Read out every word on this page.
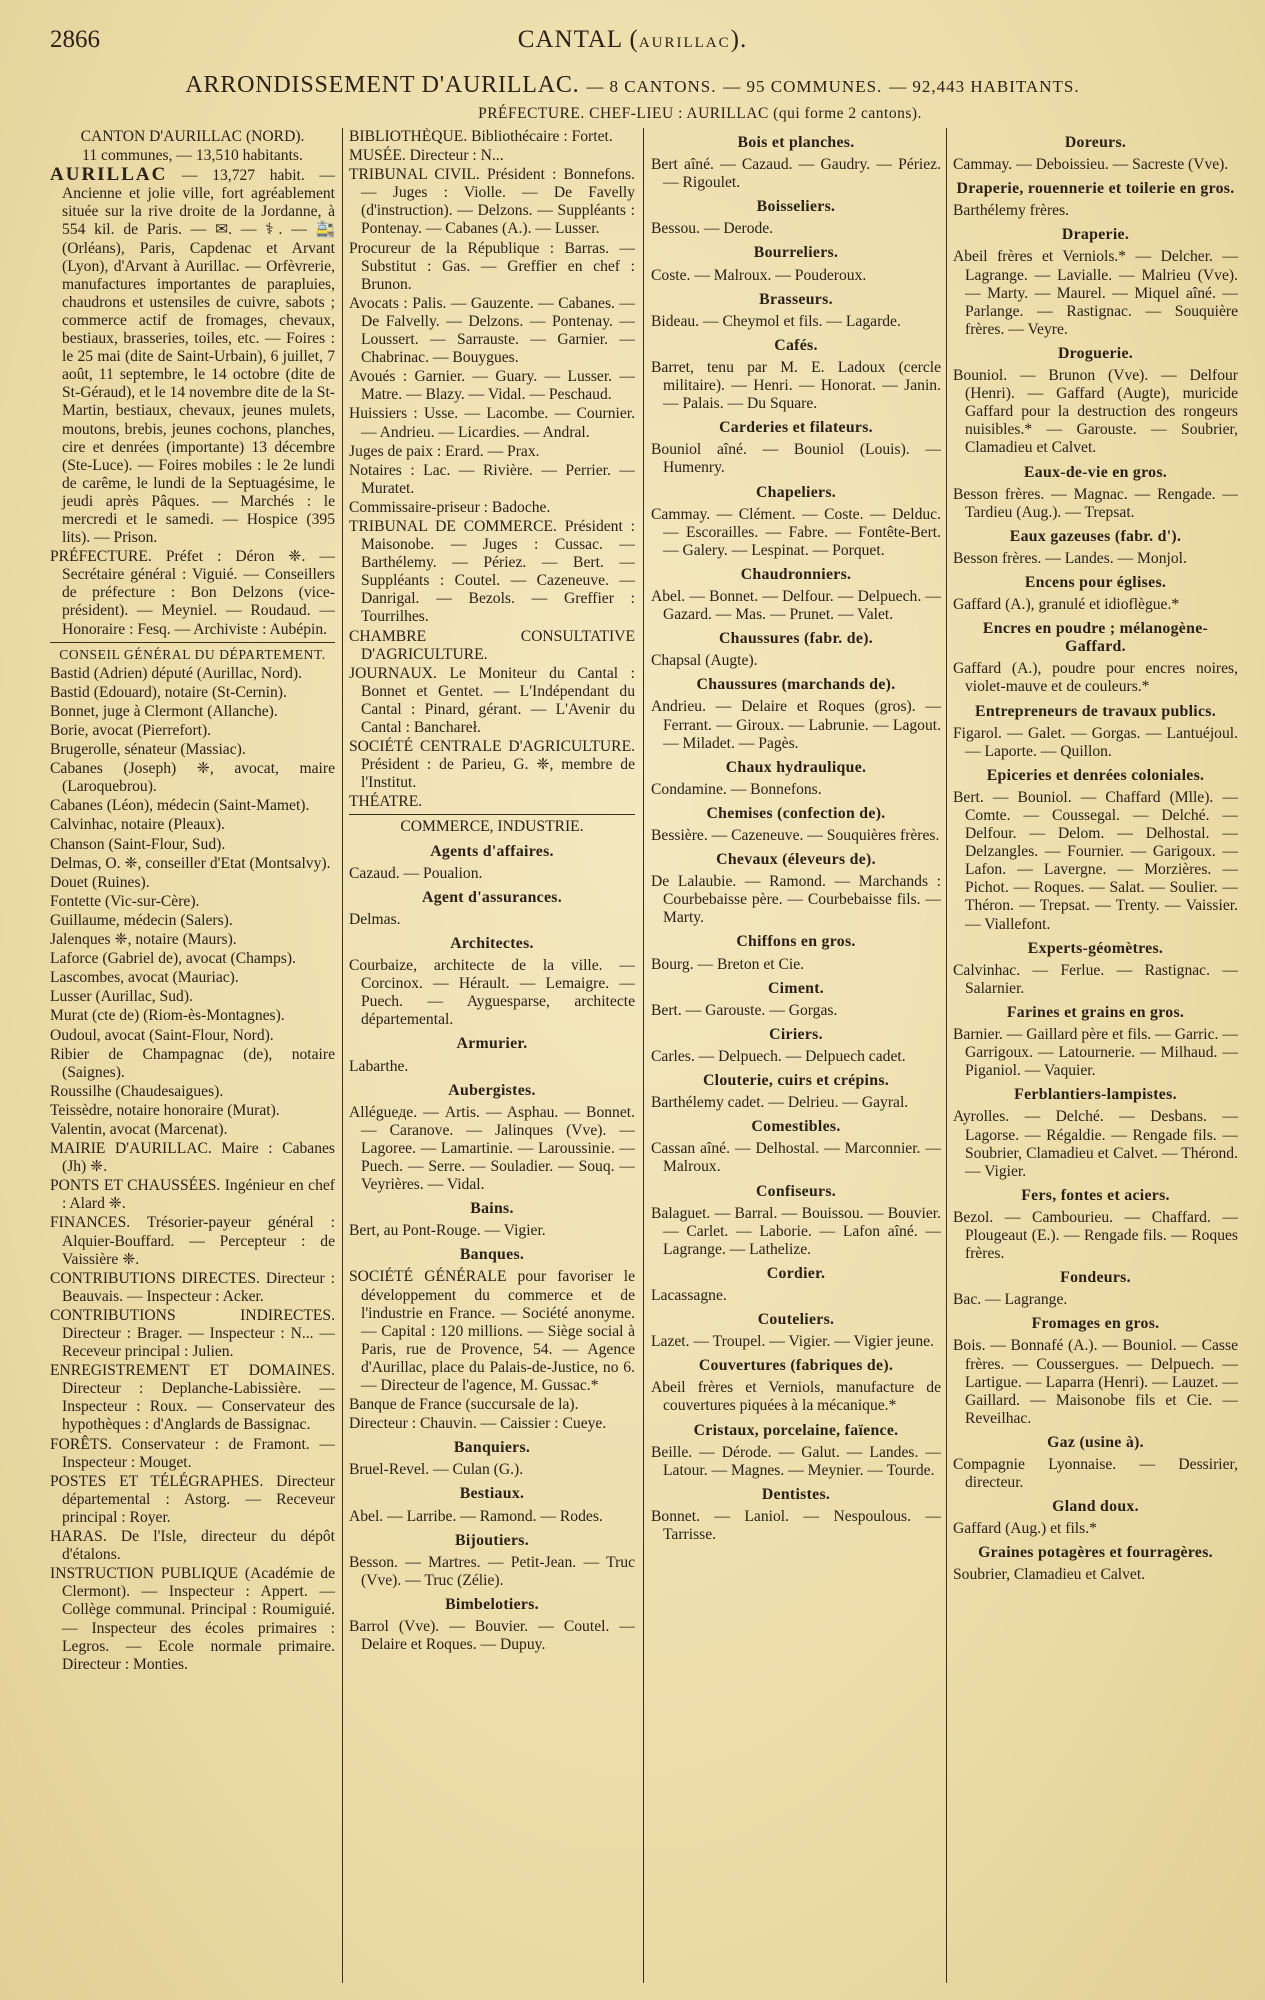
2866	CANTAL (AURILLAC).
ARRONDISSEMENT D'AURILLAC. — 8 CANTONS. — 95 COMMUNES. — 92,443 HABITANTS.
PRÉFECTURE. CHEF-LIEU : AURILLAC (qui forme 2 cantons).
CANTON D'AURILLAC (NORD).
11 communes, — 13,510 habitants.
AURILLAC — 13,727 habit. — Ancienne et jolie ville, fort agréablement située sur la rive droite de la Jordanne, à 554 kil. de Paris. — ✉. — ⚕. — 🚉 (Orléans), Paris, Capdenac et Arvant (Lyon), d'Arvant à Aurillac. — Orfèvrerie, manufactures importantes de parapluies, chaudrons et ustensiles de cuivre, sabots ; commerce actif de fromages, chevaux, bestiaux, brasseries, toiles, etc. — Foires : le 25 mai (dite de Saint-Urbain), 6 juillet, 7 août, 11 septembre, le 14 octobre (dite de St-Géraud), et le 14 novembre dite de la St-Martin, bestiaux, chevaux, jeunes mulets, moutons, brebis, jeunes cochons, planches, cire et denrées (importante) 13 décembre (Ste-Luce). — Foires mobiles : le 2e lundi de carême, le lundi de la Septuagésime, le jeudi après Pâques. — Marchés : le mercredi et le samedi. — Hospice (395 lits). — Prison.
PRÉFECTURE. Préfet : Déron ❈. — Secrétaire général : Viguié. — Conseillers de préfecture : Bon Delzons (vice-président). — Meyniel. — Roudaud. — Honoraire : Fesq. — Archiviste : Aubépin.
CONSEIL GÉNÉRAL DU DÉPARTEMENT.
Bastid (Adrien) député (Aurillac, Nord).
Bastid (Edouard), notaire (St-Cernin).
Bonnet, juge à Clermont (Allanche).
Borie, avocat (Pierrefort).
Brugerolle, sénateur (Massiac).
Cabanes (Joseph) ❈, avocat, maire (Laroquebrou).
Cabanes (Léon), médecin (Saint-Mamet).
Calvinhac, notaire (Pleaux).
Chanson (Saint-Flour, Sud).
Delmas, O. ❈, conseiller d'Etat (Montsalvy).
Douet (Ruines).
Fontette (Vic-sur-Cère).
Guillaume, médecin (Salers).
Jalenques ❈, notaire (Maurs).
Laforce (Gabriel de), avocat (Champs).
Lascombes, avocat (Mauriac).
Lusser (Aurillac, Sud).
Murat (cte de) (Riom-ès-Montagnes).
Oudoul, avocat (Saint-Flour, Nord).
Ribier de Champagnac (de), notaire (Saignes).
Roussilhe (Chaudesaigues).
Teissèdre, notaire honoraire (Murat).
Valentin, avocat (Marcenat).
MAIRIE D'AURILLAC. Maire : Cabanes (Jh) ❈.
PONTS ET CHAUSSÉES. Ingénieur en chef : Alard ❈.
FINANCES. Trésorier-payeur général : Alquier-Bouffard. — Percepteur : de Vaissière ❈.
CONTRIBUTIONS DIRECTES. Directeur : Beauvais. — Inspecteur : Acker.
CONTRIBUTIONS INDIRECTES. Directeur : Brager. — Inspecteur : N... — Receveur principal : Julien.
ENREGISTREMENT ET DOMAINES. Directeur : Deplanche-Labissière. — Inspecteur : Roux. — Conservateur des hypothèques : d'Anglards de Bassignac.
FORÊTS. Conservateur : de Framont. — Inspecteur : Mouget.
POSTES ET TÉLÉGRAPHES. Directeur départemental : Astorg. — Receveur principal : Royer.
HARAS. De l'Isle, directeur du dépôt d'étalons.
INSTRUCTION PUBLIQUE (Académie de Clermont). — Inspecteur : Appert. — Collège communal. Principal : Roumiguié. — Inspecteur des écoles primaires : Legros. — Ecole normale primaire. Directeur : Monties.
BIBLIOTHÈQUE. Bibliothécaire : Fortet.
MUSÉE. Directeur : N...
TRIBUNAL CIVIL. Président : Bonnefons. — Juges : Violle. — De Favelly (d'instruction). — Delzons. — Suppléants : Pontenay. — Cabanes (A.). — Lusser.
Procureur de la République : Barras. — Substitut : Gas. — Greffier en chef : Brunon.
Avocats : Palis. — Gauzente. — Cabanes. — De Falvelly. — Delzons. — Pontenay. — Loussert. — Sarrauste. — Garnier. — Chabrinac. — Bouygues.
Avoués : Garnier. — Guary. — Lusser. — Matre. — Blazy. — Vidal. — Peschaud.
Huissiers : Usse. — Lacombe. — Cournier. — Andrieu. — Licardies. — Andral.
Juges de paix : Erard. — Prax.
Notaires : Lac. — Rivière. — Perrier. — Muratet.
Commissaire-priseur : Badoche.
TRIBUNAL DE COMMERCE. Président : Maisonobe. — Juges : Cussac. — Barthélemy. — Périez. — Bert. — Suppléants : Coutel. — Cazeneuve. — Danrigal. — Bezols. — Greffier : Tourrilhes.
CHAMBRE CONSULTATIVE D'AGRICULTURE.
JOURNAUX. Le Moniteur du Cantal : Bonnet et Gentet. — L'Indépendant du Cantal : Pinard, gérant. — L'Avenir du Cantal : Banchareł.
SOCIÉTÉ CENTRALE D'AGRICULTURE. Président : de Parieu, G. ❈, membre de l'Institut.
THÉATRE.
COMMERCE, INDUSTRIE.
Agents d'affaires.
Cazaud. — Poualion.
Agent d'assurances.
Delmas.
Architectes.
Courbaize, architecte de la ville. — Corcinox. — Hérault. — Lemaigre. — Puech. — Ayguesparse, architecte départemental.
Armurier.
Labarthe.
Aubergistes.
Allégueде. — Artis. — Asphau. — Bonnet. — Caranove. — Jalinques (Vve). — Lagoree. — Lamartinie. — Laroussinie. — Puech. — Serre. — Souladier. — Souq. — Veyrières. — Vidal.
Bains.
Bert, au Pont-Rouge. — Vigier.
Banques.
SOCIÉTÉ GÉNÉRALE pour favoriser le développement du commerce et de l'industrie en France. — Société anonyme. — Capital : 120 millions. — Siège social à Paris, rue de Provence, 54. — Agence d'Aurillac, place du Palais-de-Justice, no 6. — Directeur de l'agence, M. Gussac.*
Banque de France (succursale de la).
Directeur : Chauvin. — Caissier : Cueye.
Banquiers.
Bruel-Revel. — Culan (G.).
Bestiaux.
Abel. — Larribe. — Ramond. — Rodes.
Bijoutiers.
Besson. — Martres. — Petit-Jean. — Truc (Vve). — Truc (Zélie).
Bimbelotiers.
Barrol (Vve). — Bouvier. — Coutel. — Delaire et Roques. — Dupuy.
Bois et planches.
Bert aîné. — Cazaud. — Gaudry. — Périez. — Rigoulet.
Boisseliers.
Bessou. — Derode.
Bourreliers.
Coste. — Malroux. — Pouderoux.
Brasseurs.
Bideau. — Cheymol et fils. — Lagarde.
Cafés.
Barret, tenu par M. E. Ladoux (cercle militaire). — Henri. — Honorat. — Janin. — Palais. — Du Square.
Carderies et filateurs.
Bouniol aîné. — Bouniol (Louis). — Humenry.
Chapeliers.
Cammay. — Clément. — Coste. — Delduc. — Escorailles. — Fabre. — Fontête-Bert. — Galery. — Lespinat. — Porquet.
Chaudronniers.
Abel. — Bonnet. — Delfour. — Delpuech. — Gazard. — Mas. — Prunet. — Valet.
Chaussures (fabr. de).
Chapsal (Augte).
Chaussures (marchands de).
Andrieu. — Delaire et Roques (gros). — Ferrant. — Giroux. — Labrunie. — Lagout. — Miladet. — Pagès.
Chaux hydraulique.
Condamine. — Bonnefons.
Chemises (confection de).
Bessière. — Cazeneuve. — Souquières frères.
Chevaux (éleveurs de).
De Lalaubie. — Ramond. — Marchands : Courbebaisse père. — Courbebaisse fils. — Marty.
Chiffons en gros.
Bourg. — Breton et Cie.
Ciment.
Bert. — Garouste. — Gorgas.
Ciriers.
Carles. — Delpuech. — Delpuech cadet.
Clouterie, cuirs et crépins.
Barthélemy cadet. — Delrieu. — Gayral.
Comestibles.
Cassan aîné. — Delhostal. — Marconnier. — Malroux.
Confiseurs.
Balaguet. — Barral. — Bouissou. — Bouvier. — Carlet. — Laborie. — Lafon aîné. — Lagrange. — Lathelize.
Cordier.
Lacassagne.
Couteliers.
Lazet. — Troupel. — Vigier. — Vigier jeune.
Couvertures (fabriques de).
Abeil frères et Verniols, manufacture de couvertures piquées à la mécanique.*
Cristaux, porcelaine, faïence.
Beille. — Dérode. — Galut. — Landes. — Latour. — Magnes. — Meynier. — Tourde.
Dentistes.
Bonnet. — Laniol. — Nespoulous. — Tarrisse.
Doreurs.
Cammay. — Deboissieu. — Sacreste (Vve).
Draperie, rouennerie et toilerie en gros.
Barthélemy frères.
Draperie.
Abeil frères et Verniols.* — Delcher. — Lagrange. — Lavialle. — Malrieu (Vve). — Marty. — Maurel. — Miquel aîné. — Parlange. — Rastignac. — Souquière frères. — Veyre.
Droguerie.
Bouniol. — Brunon (Vve). — Delfour (Henri). — Gaffard (Augte), muricide Gaffard pour la destruction des rongeurs nuisibles.* — Garouste. — Soubrier, Clamadieu et Calvet.
Eaux-de-vie en gros.
Besson frères. — Magnac. — Rengade. — Tardieu (Aug.). — Trepsat.
Eaux gazeuses (fabr. d').
Besson frères. — Landes. — Monjol.
Encens pour églises.
Gaffard (A.), granulé et idioflègue.*
Encres en poudre ; mélanogène-Gaffard.
Gaffard (A.), poudre pour encres noires, violet-mauve et de couleurs.*
Entrepreneurs de travaux publics.
Figarol. — Galet. — Gorgas. — Lantuéjoul. — Laporte. — Quillon.
Epiceries et denrées coloniales.
Bert. — Bouniol. — Chaffard (Mlle). — Comte. — Coussegal. — Delché. — Delfour. — Delom. — Delhostal. — Delzangles. — Fournier. — Garigoux. — Lafon. — Lavergne. — Morzières. — Pichot. — Roques. — Salat. — Soulier. — Théron. — Trepsat. — Trenty. — Vaissier. — Viallefont.
Experts-géomètres.
Calvinhac. — Ferlue. — Rastignac. — Salarnier.
Farines et grains en gros.
Barnier. — Gaillard père et fils. — Garric. — Garrigoux. — Latournerie. — Milhaud. — Piganiol. — Vaquier.
Ferblantiers-lampistes.
Ayrolles. — Delché. — Desbans. — Lagorse. — Régaldie. — Rengade fils. — Soubrier, Clamadieu et Calvet. — Thérond. — Vigier.
Fers, fontes et aciers.
Bezol. — Cambourieu. — Chaffard. — Plougeaut (E.). — Rengade fils. — Roques frères.
Fondeurs.
Bac. — Lagrange.
Fromages en gros.
Bois. — Bonnafé (A.). — Bouniol. — Casse frères. — Coussergues. — Delpuech. — Lartigue. — Laparra (Henri). — Lauzet. — Gaillard. — Maisonobe fils et Cie. — Reveilhac.
Gaz (usine à).
Compagnie Lyonnaise. — Dessirier, directeur.
Gland doux.
Gaffard (Aug.) et fils.*
Graines potagères et fourragères.
Soubrier, Clamadieu et Calvet.
